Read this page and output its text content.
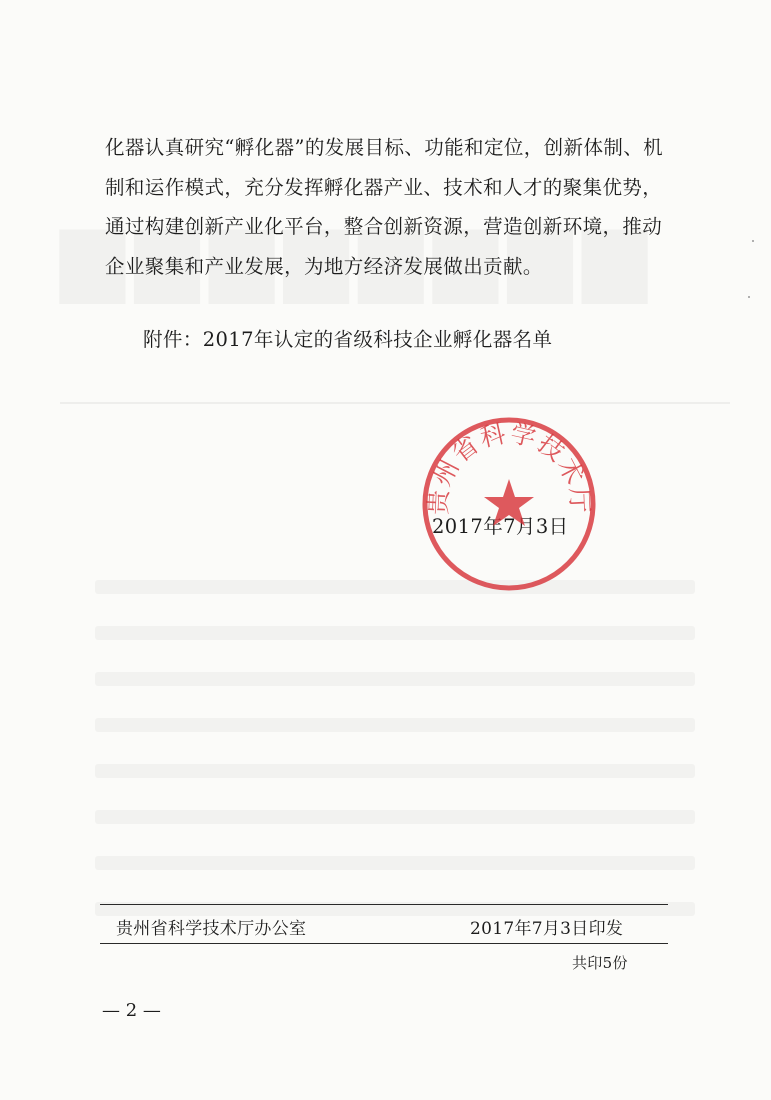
化器认真研究“孵化器”的发展目标、功能和定位，创新体制、机

制和运作模式，充分发挥孵化器产业、技术和人才的聚集优势，

通过构建创新产业化平台，整合创新资源，营造创新环境，推动

企业聚集和产业发展，为地方经济发展做出贡献。

附件：2017年认定的省级科技企业孵化器名单
2017年7月3日
贵州省科学技术厅
贵州省科学技术厅办公室	2017年7月3日印发
共印5份
— 2 —
